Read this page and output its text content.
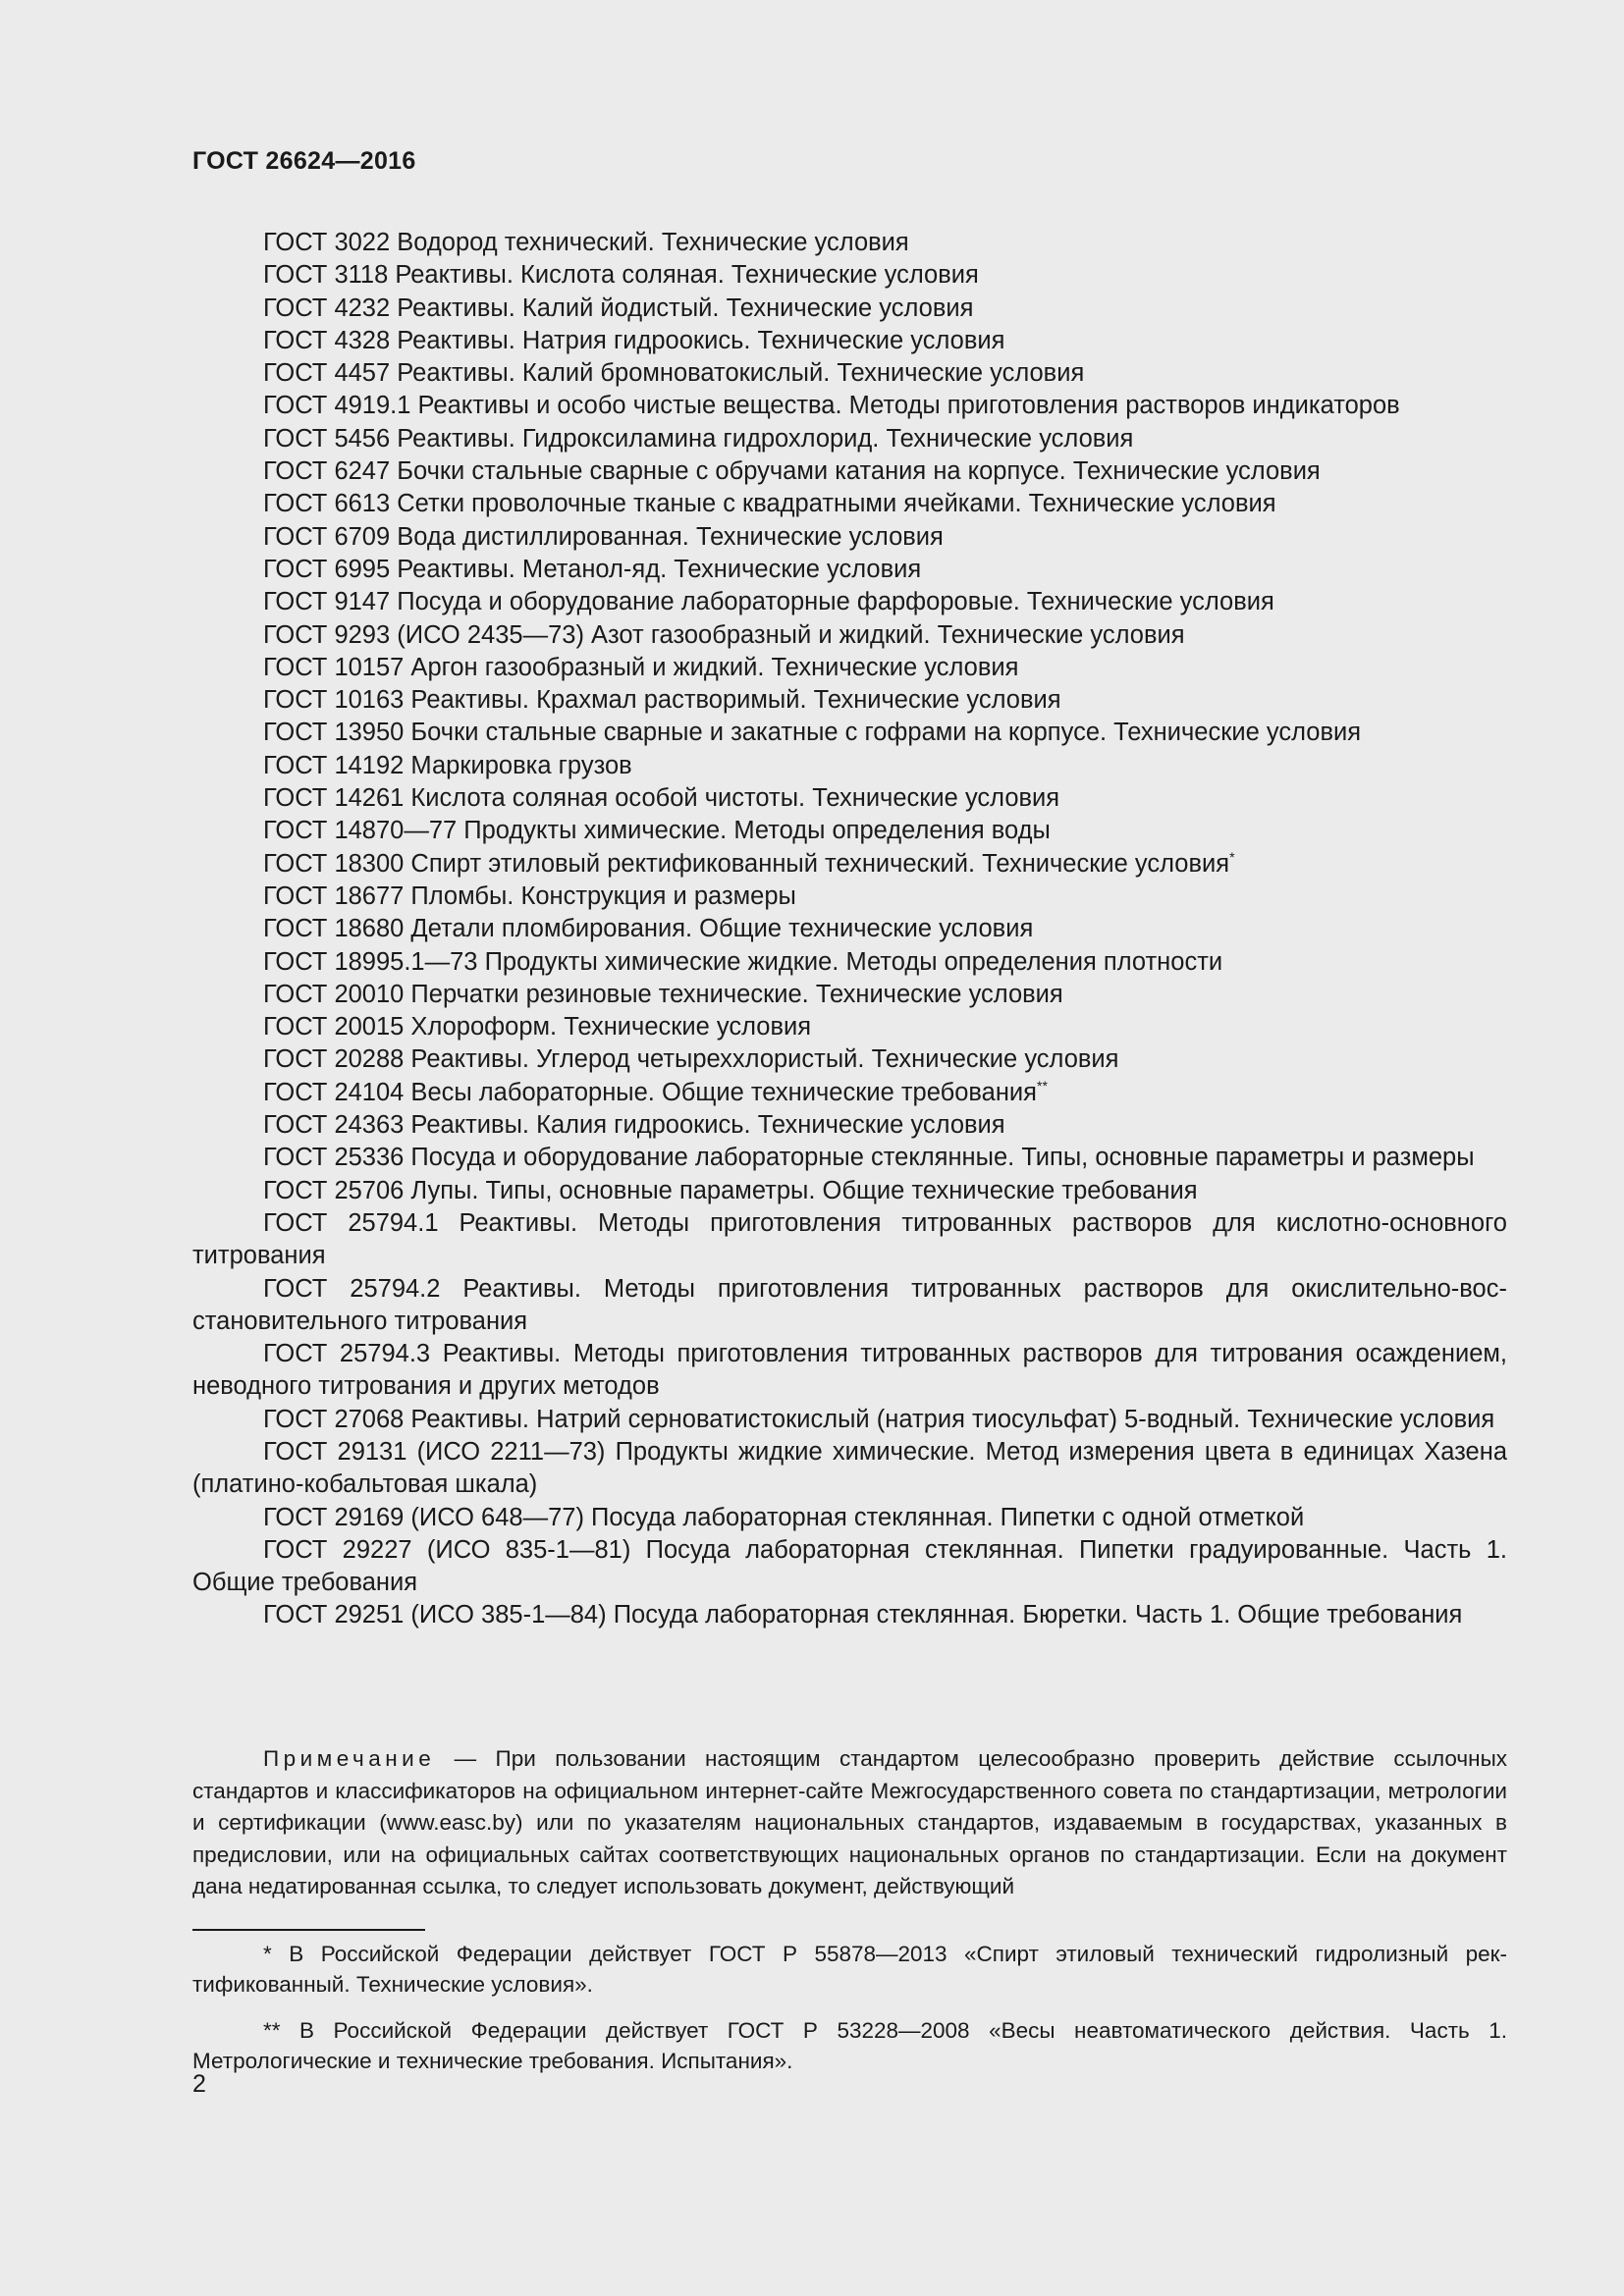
ГОСТ 26624—2016

ГОСТ 3022 Водород технический. Технические условия

ГОСТ 3118 Реактивы. Кислота соляная. Технические условия

ГОСТ 4232 Реактивы. Калий йодистый. Технические условия

ГОСТ 4328 Реактивы. Натрия гидроокись. Технические условия

ГОСТ 4457 Реактивы. Калий бромноватокислый. Технические условия

ГОСТ 4919.1 Реактивы и особо чистые вещества. Методы приготовления растворов индикаторов

ГОСТ 5456 Реактивы. Гидроксиламина гидрохлорид. Технические условия

ГОСТ 6247 Бочки стальные сварные с обручами катания на корпусе. Технические условия

ГОСТ 6613 Сетки проволочные тканые с квадратными ячейками. Технические условия

ГОСТ 6709 Вода дистиллированная. Технические условия

ГОСТ 6995 Реактивы. Метанол-яд. Технические условия

ГОСТ 9147 Посуда и оборудование лабораторные фарфоровые. Технические условия

ГОСТ 9293 (ИСО 2435—73) Азот газообразный и жидкий. Технические условия

ГОСТ 10157 Аргон газообразный и жидкий. Технические условия

ГОСТ 10163 Реактивы. Крахмал растворимый. Технические условия

ГОСТ 13950 Бочки стальные сварные и закатные с гофрами на корпусе. Технические условия

ГОСТ 14192 Маркировка грузов

ГОСТ 14261 Кислота соляная особой чистоты. Технические условия

ГОСТ 14870—77 Продукты химические. Методы определения воды

ГОСТ 18300 Спирт этиловый ректификованный технический. Технические условия*

ГОСТ 18677 Пломбы. Конструкция и размеры

ГОСТ 18680 Детали пломбирования. Общие технические условия

ГОСТ 18995.1—73 Продукты химические жидкие. Методы определения плотности

ГОСТ 20010 Перчатки резиновые технические. Технические условия

ГОСТ 20015 Хлороформ. Технические условия

ГОСТ 20288 Реактивы. Углерод четыреххлористый. Технические условия

ГОСТ 24104 Весы лабораторные. Общие технические требования**

ГОСТ 24363 Реактивы. Калия гидроокись. Технические условия

ГОСТ 25336 Посуда и оборудование лабораторные стеклянные. Типы, основные параметры и размеры

ГОСТ 25706 Лупы. Типы, основные параметры. Общие технические требования

ГОСТ 25794.1 Реактивы. Методы приготовления титрованных растворов для кислотно-основного титрования

ГОСТ 25794.2 Реактивы. Методы приготовления титрованных растворов для окислительно-восстановительного титрования

ГОСТ 25794.3 Реактивы. Методы приготовления титрованных растворов для титрования осаждением, неводного титрования и других методов

ГОСТ 27068 Реактивы. Натрий серноватистокислый (натрия тиосульфат) 5-водный. Технические условия

ГОСТ 29131 (ИСО 2211—73) Продукты жидкие химические. Метод измерения цвета в единицах Хазена (платино-кобальтовая шкала)

ГОСТ 29169 (ИСО 648—77) Посуда лабораторная стеклянная. Пипетки с одной отметкой

ГОСТ 29227 (ИСО 835-1—81) Посуда лабораторная стеклянная. Пипетки градуированные. Часть 1. Общие требования

ГОСТ 29251 (ИСО 385-1—84) Посуда лабораторная стеклянная. Бюретки. Часть 1. Общие требования

Примечание — При пользовании настоящим стандартом целесообразно проверить действие ссылочных стандартов и классификаторов на официальном интернет-сайте Межгосударственного совета по стандартизации, метрологии и сертификации (www.easc.by) или по указателям национальных стандартов, издаваемым в государствах, указанных в предисловии, или на официальных сайтах соответствующих национальных органов по стандартизации. Если на документ дана недатированная ссылка, то следует использовать документ, действующий

* В Российской Федерации действует ГОСТ Р 55878—2013 «Спирт этиловый технический гидролизный ректификованный. Технические условия».

** В Российской Федерации действует ГОСТ Р 53228—2008 «Весы неавтоматического действия. Часть 1. Метрологические и технические требования. Испытания».

2
